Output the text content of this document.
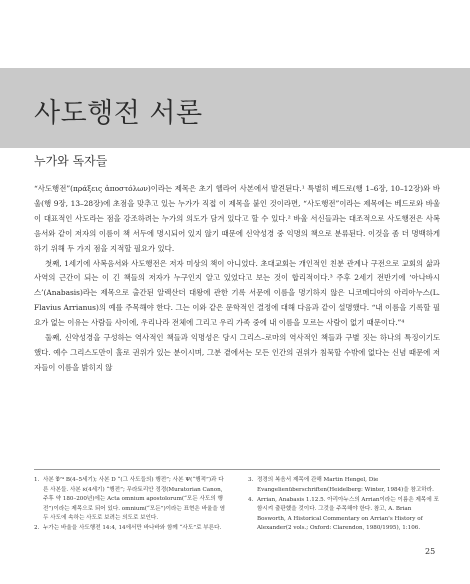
사도행전 서론
누가와 독자들

“사도행전”(πράξεις ἀποστόλων)이라는 제목은 초기 헬라어 사본에서 발견된다.¹ 특별히 베드로(행 1–6장, 10–12장)와 바울(행 9장, 13–28장)에 초점을 맞추고 있는 누가가 직접 이 제목을 붙인 것이라면, “사도행전”이라는 제목에는 베드로와 바울이 대표적인 사도라는 점을 강조하려는 누가의 의도가 담겨 있다고 할 수 있다.² 바울 서신들과는 대조적으로 사도행전은 사복음서와 같이 저자의 이름이 책 서두에 명시되어 있지 않기 때문에 신약성경 중 익명의 책으로 분류된다. 이것을 좀 더 명백하게 하기 위해 두 가지 점을 지적할 필요가 있다.

첫째, 1세기에 사복음서와 사도행전은 저자 미상의 책이 아니었다. 초대교회는 개인적인 친분 관계나 구전으로 교회의 삶과 사역의 근간이 되는 이 긴 책들의 저자가 누구인지 알고 있었다고 보는 것이 합리적이다.³ 주후 2세기 전반기에 ‘아나바시스’(Anabasis)라는 제목으로 출간된 알렉산더 대왕에 관한 기록 서문에 이름을 명기하지 않은 니코메디아의 아리아누스(L. Flavius Arrianus)의 예를 주목해야 한다. 그는 이와 같은 문학적인 결정에 대해 다음과 같이 설명했다. “내 이름을 기록할 필요가 없는 이유는 사람들 사이에, 우리나라 전체에 그리고 우리 가족 중에 내 이름을 모르는 사람이 없기 때문이다.”⁴

둘째, 신약성경을 구성하는 역사적인 책들과 익명성은 당시 그리스–로마의 역사적인 책들과 구별 짓는 하나의 특징이기도 했다. 예수 그리스도만이 홀로 권위가 있는 분이시며, 그분 곁에서는 모든 인간의 권위가 침묵할 수밖에 없다는 신념 때문에 저자들이 이름을 밝히지 않

1. 사본 𝔓⁷⁴ B(4–5세기); 사본 D “(그 사도들의) 행전”; 사본 Ψ(“행적”)과 다른 사본들. 사본 א(4세기) “행전”; 무라토리안 정경(Muratorian Canon, 주후 약 180–200년)에는 Acta omnium apostolorum(“모든 사도의 행전”)이라는 제목으로 되어 있다. omnium(“모든”)이라는 표현은 바울을 염두 사도에 속하는 사도로 보려는 의도로 보인다.
2. 누가는 바울을 사도행전 14:4, 14에서만 바나바와 함께 “사도”로 부른다.
3. 정경의 복음서 제목에 관해 Martin Hengel, Die Evangelienüberschriften(Heidelberg: Winter, 1984)을 참고하라.
4. Arrian, Anabasis 1.12.5. 아리아누스의 Arrian이라는 이름은 제목에 포함시켜 출판했을 것이다. 그것을 주목해야 한다. 참고, A. Brian Bosworth, A Historical Commentary on Arrian's History of Alexander(2 vols.; Oxford: Clarendon, 1980/1995), 1:106.
25
